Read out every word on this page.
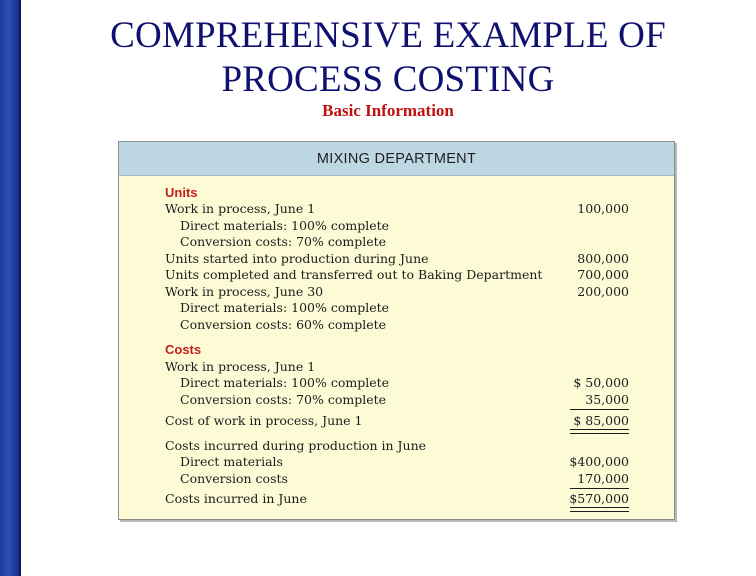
COMPREHENSIVE EXAMPLE OF
PROCESS COSTING
Basic Information
MIXING DEPARTMENT
Units
Work in process, June 1	100,000
Direct materials: 100% complete
Conversion costs: 70% complete
Units started into production during June	800,000
Units completed and transferred out to Baking Department	700,000
Work in process, June 30	200,000
Direct materials: 100% complete
Conversion costs: 60% complete
Costs
Work in process, June 1
Direct materials: 100% complete	$ 50,000
Conversion costs: 70% complete	35,000
Cost of work in process, June 1	$ 85,000
Costs incurred during production in June
Direct materials	$400,000
Conversion costs	170,000
Costs incurred in June	$570,000
